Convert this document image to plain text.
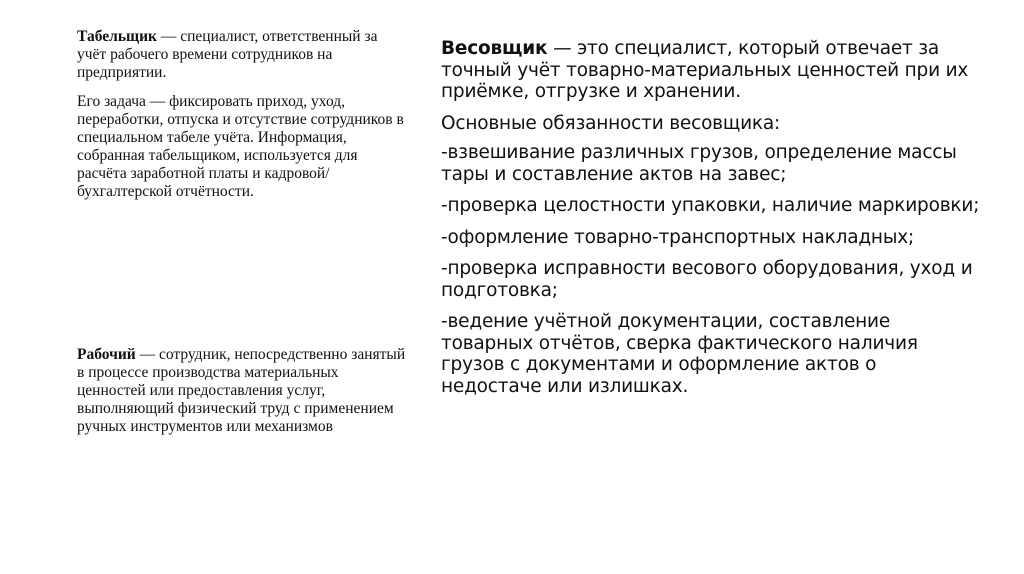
Табельщик — специалист, ответственный за учёт рабочего времени сотрудников на предприятии.

Его задача — фиксировать приход, уход, переработки, отпуска и отсутствие сотрудников в специальном табеле учёта. Информация, собранная табельщиком, используется для расчёта заработной платы и кадровой/бухгалтерской отчётности.

Рабочий — сотрудник, непосредственно занятый в процессе производства материальных ценностей или предоставления услуг, выполняющий физический труд с применением ручных инструментов или механизмов

Весовщик — это специалист, который отвечает за точный учёт товарно-материальных ценностей при их приёмке, отгрузке и хранении.

Основные обязанности весовщика:

-взвешивание различных грузов, определение массы тары и составление актов на завес;

-проверка целостности упаковки, наличие маркировки;

-оформление товарно-транспортных накладных;

-проверка исправности весового оборудования, уход и подготовка;

-ведение учётной документации, составление товарных отчётов, сверка фактического наличия грузов с документами и оформление актов о недостаче или излишках.
